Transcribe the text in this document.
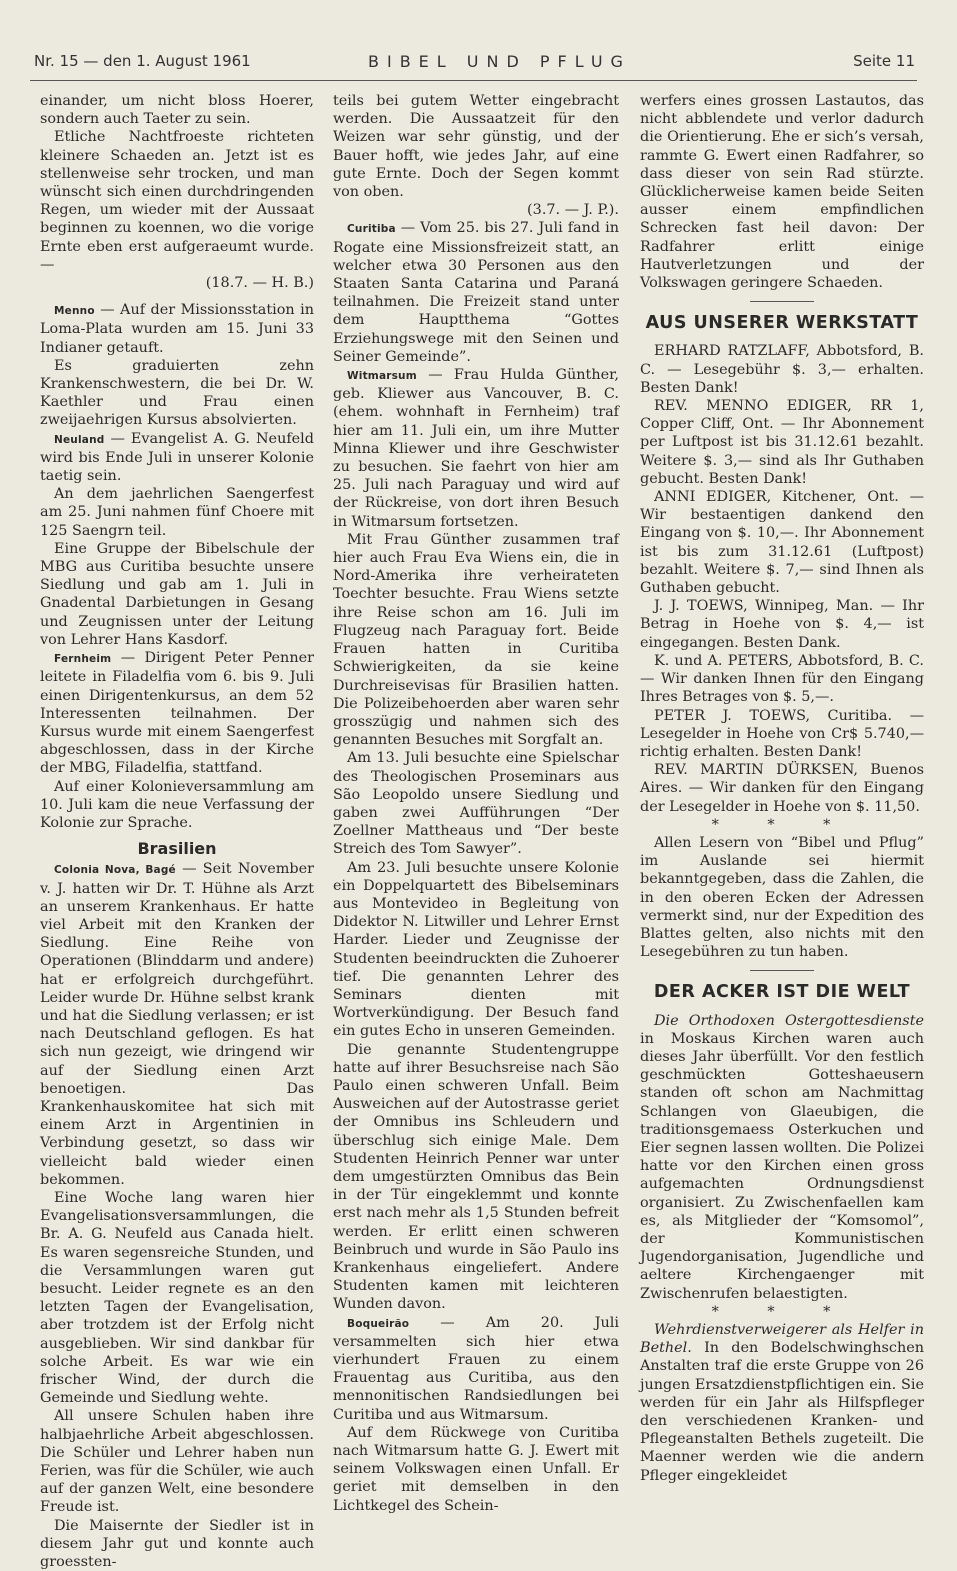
Nr. 15 — den 1. August 1961	BIBEL UND PFLUG	Seite 11

einander, um nicht bloss Hoerer, sondern auch Taeter zu sein.

Etliche Nachtfroeste richteten kleinere Schaeden an. Jetzt ist es stellenweise sehr trocken, und man wünscht sich einen durchdringenden Regen, um wieder mit der Aussaat beginnen zu koennen, wo die vorige Ernte eben erst aufgeraeumt wurde. —

(18.7. — H. B.)

Menno — Auf der Missionsstation in Loma-Plata wurden am 15. Juni 33 Indianer getauft.

Es graduierten zehn Krankenschwestern, die bei Dr. W. Kaethler und Frau einen zweijaehrigen Kursus absolvierten.

Neuland — Evangelist A. G. Neufeld wird bis Ende Juli in unserer Kolonie taetig sein.

An dem jaehrlichen Saengerfest am 25. Juni nahmen fünf Choere mit 125 Saengrn teil.

Eine Gruppe der Bibelschule der MBG aus Curitiba besuchte unsere Siedlung und gab am 1. Juli in Gnadental Darbietungen in Gesang und Zeugnissen unter der Leitung von Lehrer Hans Kasdorf.

Fernheim — Dirigent Peter Penner leitete in Filadelfia vom 6. bis 9. Juli einen Dirigentenkursus, an dem 52 Interessenten teilnahmen. Der Kursus wurde mit einem Saengerfest abgeschlossen, dass in der Kirche der MBG, Filadelfia, stattfand.

Auf einer Kolonieversammlung am 10. Juli kam die neue Verfassung der Kolonie zur Sprache.

Brasilien

Colonia Nova, Bagé — Seit November v. J. hatten wir Dr. T. Hühne als Arzt an unserem Krankenhaus. Er hatte viel Arbeit mit den Kranken der Siedlung. Eine Reihe von Operationen (Blinddarm und andere) hat er erfolgreich durchgeführt. Leider wurde Dr. Hühne selbst krank und hat die Siedlung verlassen; er ist nach Deutschland geflogen. Es hat sich nun gezeigt, wie dringend wir auf der Siedlung einen Arzt benoetigen. Das Krankenhauskomitee hat sich mit einem Arzt in Argentinien in Verbindung gesetzt, so dass wir vielleicht bald wieder einen bekommen.

Eine Woche lang waren hier Evangelisationsversammlungen, die Br. A. G. Neufeld aus Canada hielt. Es waren segensreiche Stunden, und die Versammlungen waren gut besucht. Leider regnete es an den letzten Tagen der Evangelisation, aber trotzdem ist der Erfolg nicht ausgeblieben. Wir sind dankbar für solche Arbeit. Es war wie ein frischer Wind, der durch die Gemeinde und Siedlung wehte.

All unsere Schulen haben ihre halbjaehrliche Arbeit abgeschlossen. Die Schüler und Lehrer haben nun Ferien, was für die Schüler, wie auch auf der ganzen Welt, eine besondere Freude ist.

Die Maisernte der Siedler ist in diesem Jahr gut und konnte auch groessten-

teils bei gutem Wetter eingebracht werden. Die Aussaatzeit für den Weizen war sehr günstig, und der Bauer hofft, wie jedes Jahr, auf eine gute Ernte. Doch der Segen kommt von oben.

(3.7. — J. P.).

Curitiba — Vom 25. bis 27. Juli fand in Rogate eine Missionsfreizeit statt, an welcher etwa 30 Personen aus den Staaten Santa Catarina und Paraná teilnahmen. Die Freizeit stand unter dem Hauptthema “Gottes Erziehungswege mit den Seinen und Seiner Gemeinde”.

Witmarsum — Frau Hulda Günther, geb. Kliewer aus Vancouver, B. C. (ehem. wohnhaft in Fernheim) traf hier am 11. Juli ein, um ihre Mutter Minna Kliewer und ihre Geschwister zu besuchen. Sie faehrt von hier am 25. Juli nach Paraguay und wird auf der Rückreise, von dort ihren Besuch in Witmarsum fortsetzen.

Mit Frau Günther zusammen traf hier auch Frau Eva Wiens ein, die in Nord-Amerika ihre verheirateten Toechter besuchte. Frau Wiens setzte ihre Reise schon am 16. Juli im Flugzeug nach Paraguay fort. Beide Frauen hatten in Curitiba Schwierigkeiten, da sie keine Durchreisevisas für Brasilien hatten. Die Polizeibehoerden aber waren sehr grosszügig und nahmen sich des genannten Besuches mit Sorgfalt an.

Am 13. Juli besuchte eine Spielschar des Theologischen Proseminars aus São Leopoldo unsere Siedlung und gaben zwei Aufführungen “Der Zoellner Mattheaus und “Der beste Streich des Tom Sawyer”.

Am 23. Juli besuchte unsere Kolonie ein Doppelquartett des Bibelseminars aus Montevideo in Begleitung von Didektor N. Litwiller und Lehrer Ernst Harder. Lieder und Zeugnisse der Studenten beeindruckten die Zuhoerer tief. Die genannten Lehrer des Seminars dienten mit Wortverkündigung. Der Besuch fand ein gutes Echo in unseren Gemeinden.

Die genannte Studentengruppe hatte auf ihrer Besuchsreise nach São Paulo einen schweren Unfall. Beim Ausweichen auf der Autostrasse geriet der Omnibus ins Schleudern und überschlug sich einige Male. Dem Studenten Heinrich Penner war unter dem umgestürzten Omnibus das Bein in der Tür eingeklemmt und konnte erst nach mehr als 1,5 Stunden befreit werden. Er erlitt einen schweren Beinbruch und wurde in São Paulo ins Krankenhaus eingeliefert. Andere Studenten kamen mit leichteren Wunden davon.

Boqueirão — Am 20. Juli versammelten sich hier etwa vierhundert Frauen zu einem Frauentag aus Curitiba, aus den mennonitischen Randsiedlungen bei Curitiba und aus Witmarsum.

Auf dem Rückwege von Curitiba nach Witmarsum hatte G. J. Ewert mit seinem Volkswagen einen Unfall. Er geriet mit demselben in den Lichtkegel des Schein-

werfers eines grossen Lastautos, das nicht abblendete und verlor dadurch die Orientierung. Ehe er sich’s versah, rammte G. Ewert einen Radfahrer, so dass dieser von sein Rad stürzte. Glücklicherweise kamen beide Seiten ausser einem empfindlichen Schrecken fast heil davon: Der Radfahrer erlitt einige Hautverletzungen und der Volkswagen geringere Schaeden.

AUS UNSERER WERKSTATT

ERHARD RATZLAFF, Abbotsford, B. C. — Lesegebühr $. 3,— erhalten. Besten Dank!

REV. MENNO EDIGER, RR 1, Copper Cliff, Ont. — Ihr Abonnement per Luftpost ist bis 31.12.61 bezahlt. Weitere $. 3,— sind als Ihr Guthaben gebucht. Besten Dank!

ANNI EDIGER, Kitchener, Ont. — Wir bestaentigen dankend den Eingang von $. 10,—. Ihr Abonnement ist bis zum 31.12.61 (Luftpost) bezahlt. Weitere $. 7,— sind Ihnen als Guthaben gebucht.

J. J. TOEWS, Winnipeg, Man. — Ihr Betrag in Hoehe von $. 4,— ist eingegangen. Besten Dank.

K. und A. PETERS, Abbotsford, B. C. — Wir danken Ihnen für den Eingang Ihres Betrages von $. 5,—.

PETER J. TOEWS, Curitiba. — Lesegelder in Hoehe von Cr$ 5.740,— richtig erhalten. Besten Dank!

REV. MARTIN DÜRKSEN, Buenos Aires. — Wir danken für den Eingang der Lesegelder in Hoehe von $. 11,50.

* * *

Allen Lesern von “Bibel und Pflug” im Auslande sei hiermit bekanntgegeben, dass die Zahlen, die in den oberen Ecken der Adressen vermerkt sind, nur der Expedition des Blattes gelten, also nichts mit den Lesegebühren zu tun haben.

DER ACKER IST DIE WELT

Die Orthodoxen Ostergottesdienste in Moskaus Kirchen waren auch dieses Jahr überfüllt. Vor den festlich geschmückten Gotteshaeusern standen oft schon am Nachmittag Schlangen von Glaeubigen, die traditionsgemaess Osterkuchen und Eier segnen lassen wollten. Die Polizei hatte vor den Kirchen einen gross aufgemachten Ordnungsdienst organisiert. Zu Zwischenfaellen kam es, als Mitglieder der “Komsomol”, der Kommunistischen Jugendorganisation, Jugendliche und aeltere Kirchengaenger mit Zwischenrufen belaestigten.

* * *

Wehrdienstverweigerer als Helfer in Bethel. In den Bodelschwinghschen Anstalten traf die erste Gruppe von 26 jungen Ersatzdienstpflichtigen ein. Sie werden für ein Jahr als Hilfspfleger den verschiedenen Kranken- und Pflegeanstalten Bethels zugeteilt. Die Maenner werden wie die andern Pfleger eingekleidet
